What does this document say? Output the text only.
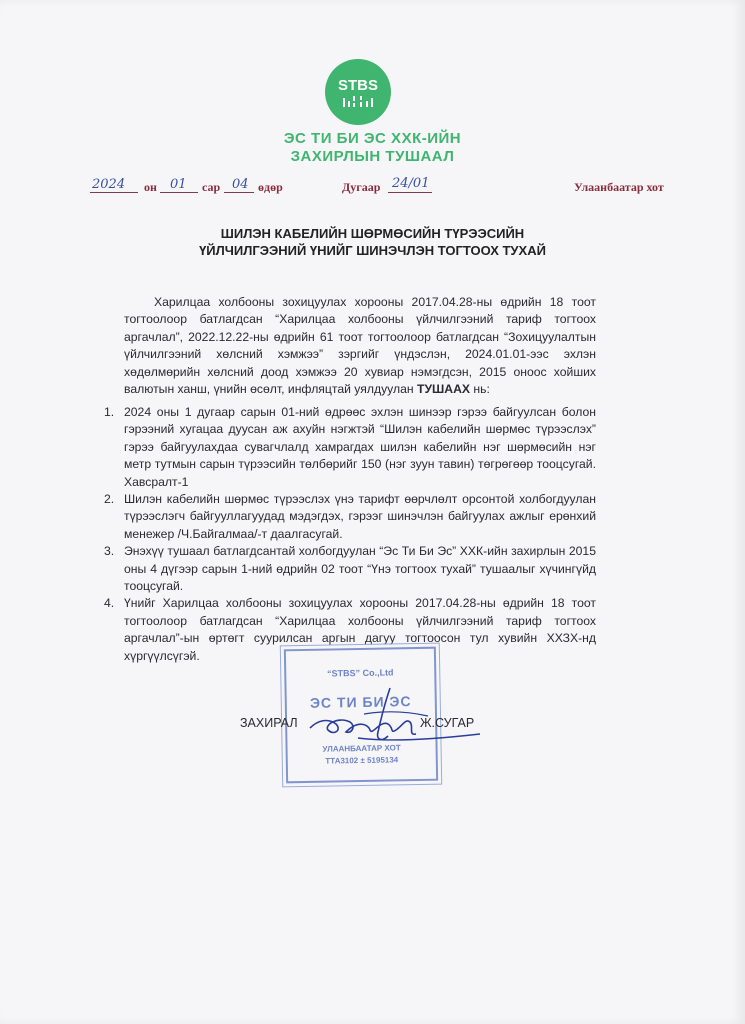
STBS
ЭС ТИ БИ ЭС ХХК-ИЙН
ЗАХИРЛЫН ТУШААЛ
2024 он 01 сар 04 өдөр	Дугаар 24/01	Улаанбаатар хот
ШИЛЭН КАБЕЛИЙН ШӨРМӨСИЙН ТҮРЭЭСИЙН
ҮЙЛЧИЛГЭЭНИЙ ҮНИЙГ ШИНЭЧЛЭН ТОГТООХ ТУХАЙ
Харилцаа холбооны зохицуулах хорооны 2017.04.28-ны өдрийн 18 тоот тогтоолоор батлагдсан “Харилцаа холбооны үйлчилгээний тариф тогтоох аргачлал”, 2022.12.22-ны өдрийн 61 тоот тогтоолоор батлагдсан “Зохицуулалтын үйлчилгээний хөлсний хэмжээ” зэргийг үндэслэн, 2024.01.01-ээс эхлэн хөдөлмөрийн хөлсний доод хэмжээ 20 хувиар нэмэгдсэн, 2015 оноос хойших валютын ханш, үнийн өсөлт, инфляцтай уялдуулан ТУШААХ нь:
1. 2024 оны 1 дугаар сарын 01-ний өдрөөс эхлэн шинээр гэрээ байгуулсан болон гэрээний хугацаа дуусан аж ахуйн нэгжтэй “Шилэн кабелийн шөрмөс түрээслэх” гэрээ байгуулахдаа сувагчлалд хамрагдах шилэн кабелийн нэг шөрмөсийн нэг метр тутмын сарын түрээсийн төлбөрийг 150 (нэг зуун тавин) төгрөгөөр тооцсугай. Хавсралт-1
2. Шилэн кабелийн шөрмөс түрээслэх үнэ тарифт өөрчлөлт орсонтой холбогдуулан түрээслэгч байгууллагуудад мэдэгдэх, гэрээг шинэчлэн байгуулах ажлыг ерөнхий менежер /Ч.Байгалмаа/-т даалгасугай.
3. Энэхүү тушаал батлагдсантай холбогдуулан “Эс Ти Би Эс” ХХК-ийн захирлын 2015 оны 4 дүгээр сарын 1-ний өдрийн 02 тоот “Үнэ тогтоох тухай” тушаалыг хүчингүйд тооцсугай.
4. Үнийг Харилцаа холбооны зохицуулах хорооны 2017.04.28-ны өдрийн 18 тоот тогтоолоор батлагдсан “Харилцаа холбооны үйлчилгээний тариф тогтоох аргачлал”-ын өртөгт суурилсан аргын дагуу тогтоосон тул хувийн ХХЗХ-нд хүргүүлсүгэй.
“STBS” Co.,Ltd
ЭС ТИ БИ ЭС
УЛААНБААТАР ХОТ
ТТА3102 ± 5195134
ЗАХИРАЛ	Ж.СУГАР
